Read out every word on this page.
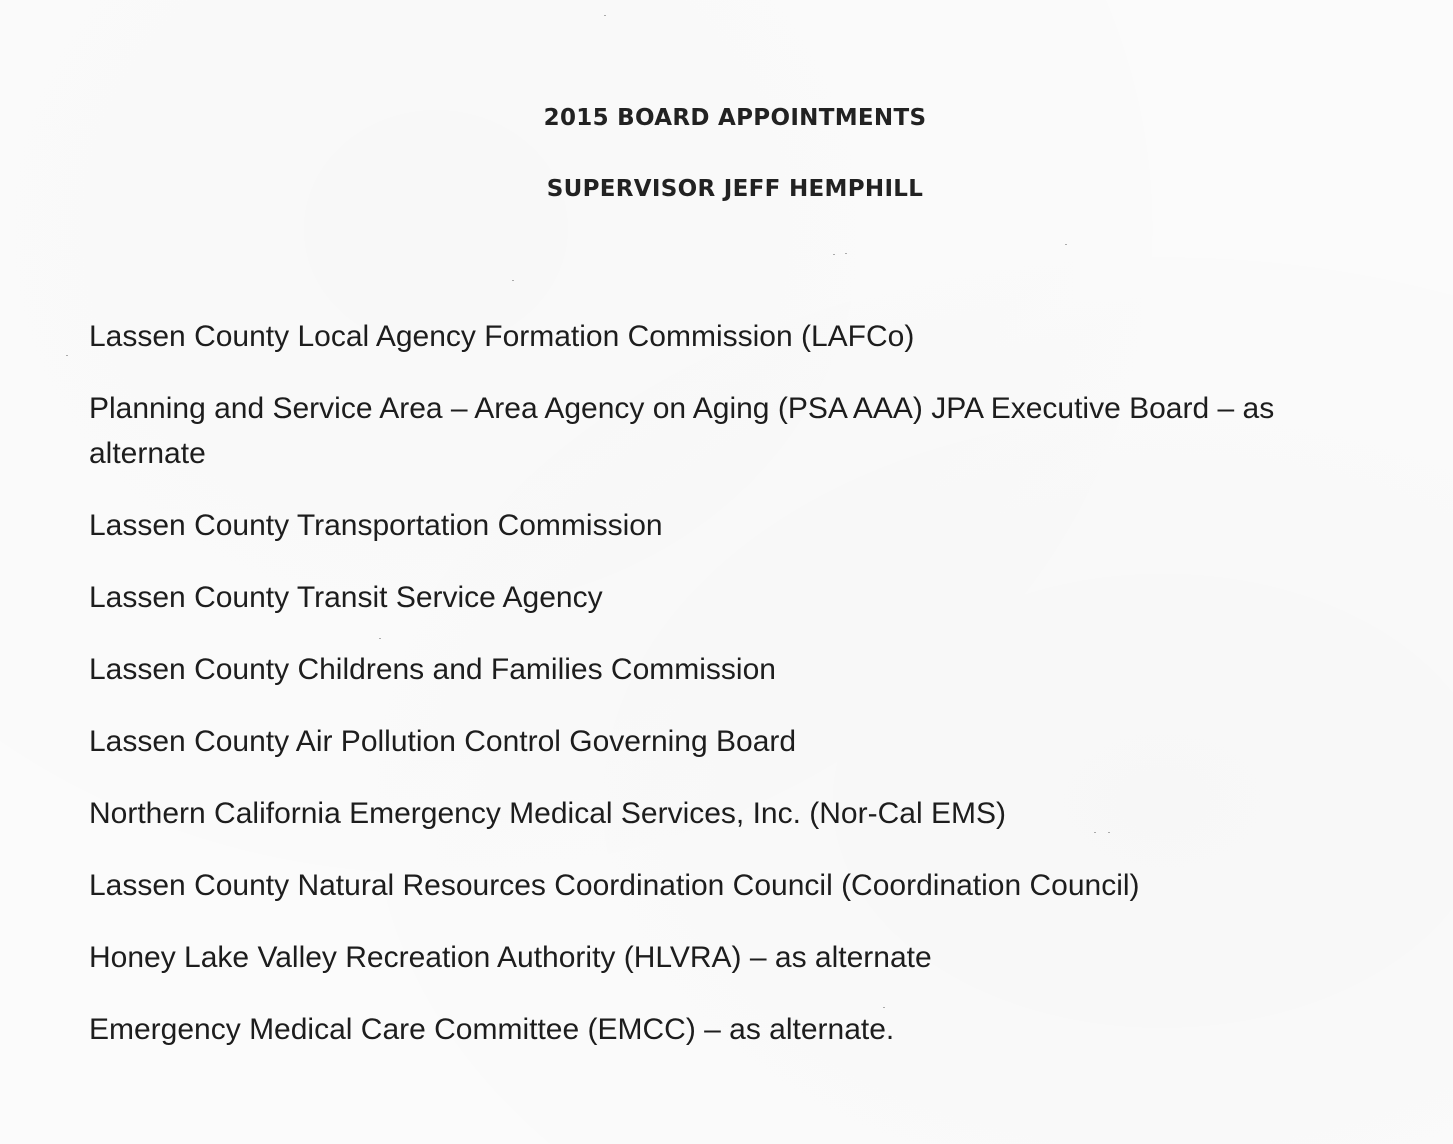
2015 BOARD APPOINTMENTS
SUPERVISOR JEFF HEMPHILL
Lassen County Local Agency Formation Commission (LAFCo)
Planning and Service Area – Area Agency on Aging (PSA AAA) JPA Executive Board – as alternate
Lassen County Transportation Commission
Lassen County Transit Service Agency
Lassen County Childrens and Families Commission
Lassen County Air Pollution Control Governing Board
Northern California Emergency Medical Services, Inc. (Nor-Cal EMS)
Lassen County Natural Resources Coordination Council (Coordination Council)
Honey Lake Valley Recreation Authority (HLVRA) – as alternate
Emergency Medical Care Committee (EMCC) – as alternate.
